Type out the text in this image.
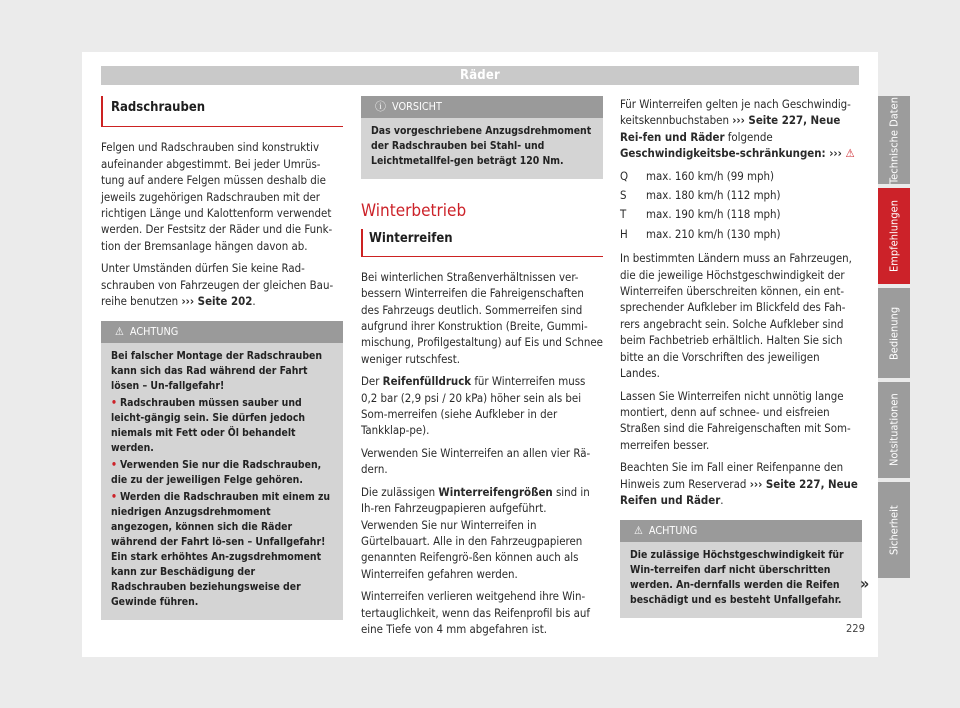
Räder
Radschrauben

Felgen und Radschrauben sind konstruktiv aufeinander abgestimmt. Bei jeder Umrüs-tung auf andere Felgen müssen deshalb die jeweils zugehörigen Radschrauben mit der richtigen Länge und Kalottenform verwendet werden. Der Festsitz der Räder und die Funk-tion der Bremsanlage hängen davon ab.

Unter Umständen dürfen Sie keine Rad-schrauben von Fahrzeugen der gleichen Bau-reihe benutzen ››› Seite 202.

⚠ ACHTUNG
Bei falscher Montage der Radschrauben kann sich das Rad während der Fahrt lösen – Un-fallgefahr!
• Radschrauben müssen sauber und leicht-gängig sein. Sie dürfen jedoch niemals mit Fett oder Öl behandelt werden.
• Verwenden Sie nur die Radschrauben, die zu der jeweiligen Felge gehören.
• Werden die Radschrauben mit einem zu niedrigen Anzugsdrehmoment angezogen, können sich die Räder während der Fahrt lö-sen – Unfallgefahr! Ein stark erhöhtes An-zugsdrehmoment kann zur Beschädigung der Radschrauben beziehungsweise der Gewinde führen.
ⓘ VORSICHT
Das vorgeschriebene Anzugsdrehmoment der Radschrauben bei Stahl- und Leichtmetallfel-gen beträgt 120 Nm.
Winterbetrieb
Winterreifen

Bei winterlichen Straßenverhältnissen ver-bessern Winterreifen die Fahreigenschaften des Fahrzeugs deutlich. Sommerreifen sind aufgrund ihrer Konstruktion (Breite, Gummi-mischung, Profilgestaltung) auf Eis und Schnee weniger rutschfest.

Der Reifenfülldruck für Winterreifen muss 0,2 bar (2,9 psi / 20 kPa) höher sein als bei Som-merreifen (siehe Aufkleber in der Tankklap-pe).

Verwenden Sie Winterreifen an allen vier Rä-dern.

Die zulässigen Winterreifengrößen sind in Ih-ren Fahrzeugpapieren aufgeführt. Verwenden Sie nur Winterreifen in Gürtelbauart. Alle in den Fahrzeugpapieren genannten Reifengrö-ßen können auch als Winterreifen gefahren werden.

Winterreifen verlieren weitgehend ihre Win-tertauglichkeit, wenn das Reifenprofil bis auf eine Tiefe von 4 mm abgefahren ist.

Für Winterreifen gelten je nach Geschwindig-keitskennbuchstaben ››› Seite 227, Neue Rei-fen und Räder folgende Geschwindigkeitsbe-schränkungen: ››› ⚠

Q	max. 160 km/h (99 mph)
S	max. 180 km/h (112 mph)
T	max. 190 km/h (118 mph)
H	max. 210 km/h (130 mph)

In bestimmten Ländern muss an Fahrzeugen, die die jeweilige Höchstgeschwindigkeit der Winterreifen überschreiten können, ein ent-sprechender Aufkleber im Blickfeld des Fah-rers angebracht sein. Solche Aufkleber sind beim Fachbetrieb erhältlich. Halten Sie sich bitte an die Vorschriften des jeweiligen Landes.

Lassen Sie Winterreifen nicht unnötig lange montiert, denn auf schnee- und eisfreien Straßen sind die Fahreigenschaften mit Som-merreifen besser.

Beachten Sie im Fall einer Reifenpanne den Hinweis zum Reserverad ››› Seite 227, Neue Reifen und Räder.

⚠ ACHTUNG
Die zulässige Höchstgeschwindigkeit für Win-terreifen darf nicht überschritten werden. An-dernfalls werden die Reifen beschädigt und es besteht Unfallgefahr.
»
Technische Daten
Empfehlungen
Bedienung
Notsituationen
Sicherheit
229
